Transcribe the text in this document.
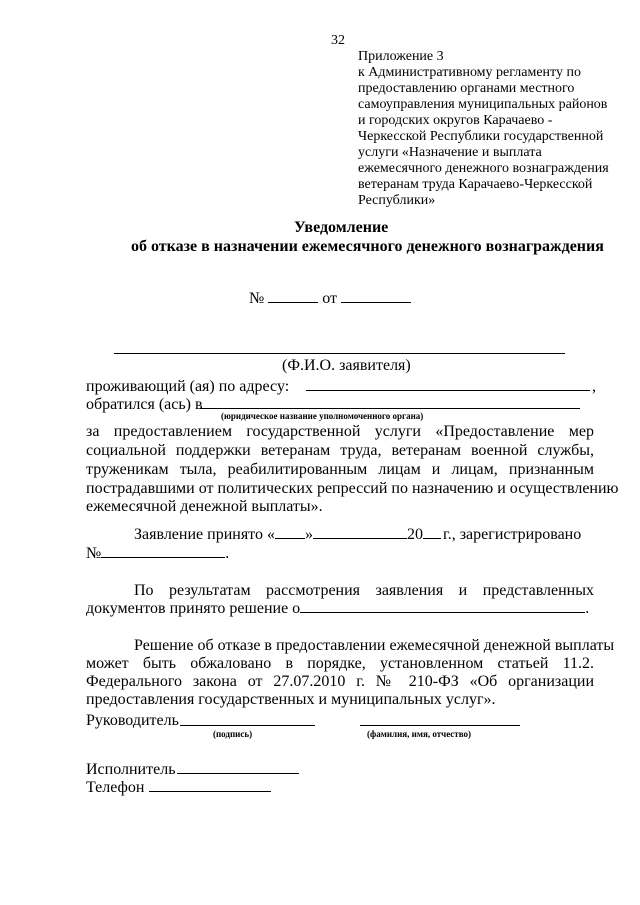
32
Приложение 3
к Административному регламенту по
предоставлению органами местного
самоуправления муниципальных районов
и городских округов Карачаево -
Черкесской Республики государственной
услуги «Назначение и выплата
ежемесячного денежного вознаграждения
ветеранам труда Карачаево-Черкесской
Республики»
Уведомление
об отказе в назначении ежемесячного денежного вознаграждения
№	от
(Ф.И.О. заявителя)
проживающий (ая) по адресу:	,
обратился (ась) в
(юридическое название уполномоченного органа)
за предоставлением государственной услуги «Предоставление мер
социальной поддержки ветеранам труда, ветеранам военной службы,
труженикам тыла, реабилитированным лицам и лицам, признанным
пострадавшими от политических репрессий по назначению и осуществлению
ежемесячной денежной выплаты».
Заявление принято « »	20 г., зарегистрировано
№	.
По результатам рассмотрения заявления и представленных
документов принято решение о	.
Решение об отказе в предоставлении ежемесячной денежной выплаты
может быть обжаловано в порядке, установленном статьей 11.2.
Федерального закона от 27.07.2010 г. № 210-ФЗ «Об организации
предоставления государственных и муниципальных услуг».
Руководитель
(подпись)	(фамилия, имя, отчество)
Исполнитель
Телефон
